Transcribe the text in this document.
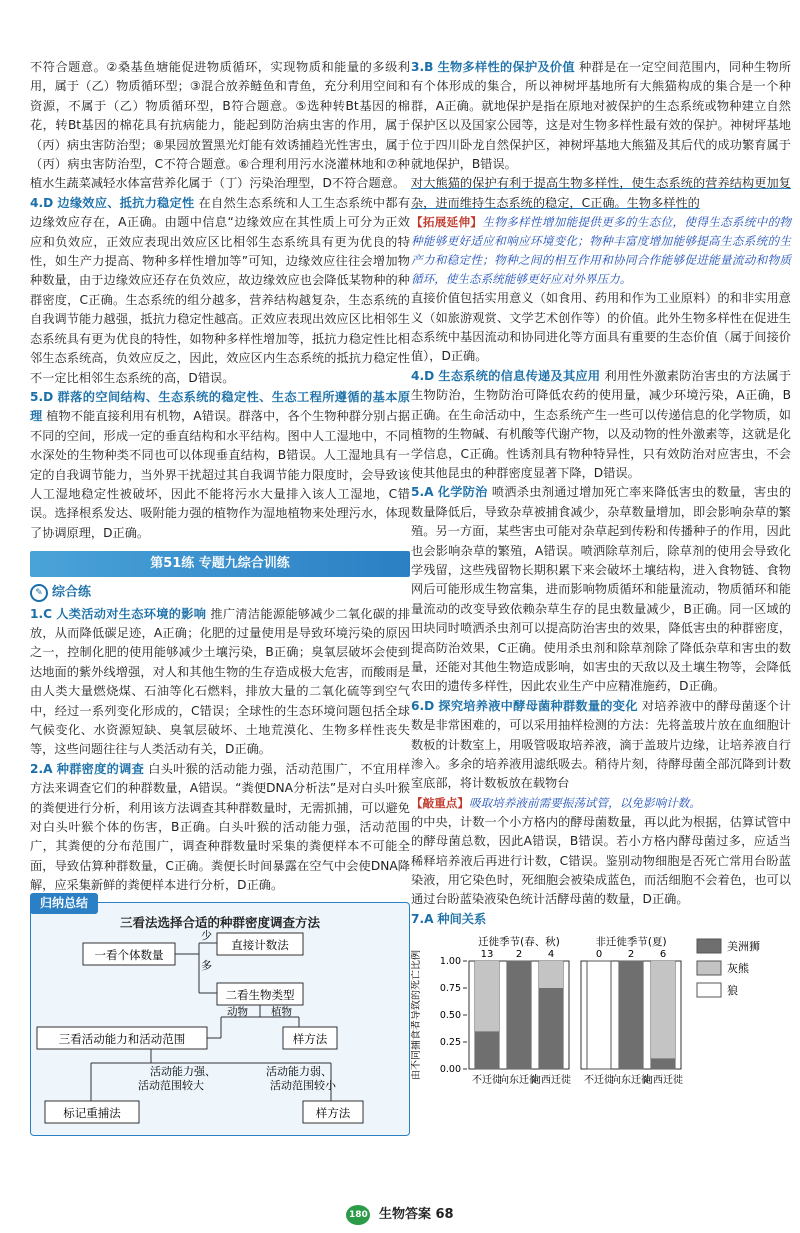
不符合题意。②桑基鱼塘能促进物质循环，实现物质和能量的多级利用，属于（乙）物质循环型；③混合放养鲢鱼和青鱼，充分利用空间和资源，不属于（乙）物质循环型，B符合题意。⑤选种转Bt基因的棉花，转Bt基因的棉花具有抗病能力，能起到防治病虫害的作用，属于（丙）病虫害防治型；⑧果园放置黑光灯能有效诱捕趋光性害虫，属于（丙）病虫害防治型，C不符合题意。⑥合理利用污水浇灌林地和⑦种植水生蔬菜减轻水体富营养化属于（丁）污染治理型，D不符合题意。

4.D 边缘效应、抵抗力稳定性 在自然生态系统和人工生态系统中都有边缘效应存在，A正确。由题中信息“边缘效应在其性质上可分为正效应和负效应，正效应表现出效应区比相邻生态系统具有更为优良的特性，如生产力提高、物种多样性增加等”可知，边缘效应往往会增加物种数量，由于边缘效应还存在负效应，故边缘效应也会降低某物种的种群密度，C正确。生态系统的组分越多，营养结构越复杂，生态系统的自我调节能力越强，抵抗力稳定性越高。正效应表现出效应区比相邻生态系统具有更为优良的特性，如物种多样性增加等，抵抗力稳定性比相邻生态系统高，负效应反之，因此，效应区内生态系统的抵抗力稳定性不一定比相邻生态系统的高，D错误。

5.D 群落的空间结构、生态系统的稳定性、生态工程所遵循的基本原理 植物不能直接利用有机物，A错误。群落中，各个生物种群分别占据不同的空间，形成一定的垂直结构和水平结构。图中人工湿地中，不同水深处的生物种类不同也可以体现垂直结构，B错误。人工湿地具有一定的自我调节能力，当外界干扰超过其自我调节能力限度时，会导致该人工湿地稳定性被破坏，因此不能将污水大量排入该人工湿地，C错误。选择根系发达、吸附能力强的植物作为湿地植物来处理污水，体现了协调原理，D正确。

第51练 专题九综合训练
✎ 综合练

1.C 人类活动对生态环境的影响 推广清洁能源能够减少二氧化碳的排放，从而降低碳足迹，A正确；化肥的过量使用是导致环境污染的原因之一，控制化肥的使用能够减少土壤污染，B正确；臭氧层破坏会使到达地面的紫外线增强，对人和其他生物的生存造成极大危害，而酸雨是由人类大量燃烧煤、石油等化石燃料，排放大量的二氧化硫等到空气中，经过一系列变化形成的，C错误；全球性的生态环境问题包括全球气候变化、水资源短缺、臭氧层破坏、土地荒漠化、生物多样性丧失等，这些问题往往与人类活动有关，D正确。

2.A 种群密度的调查 白头叶猴的活动能力强，活动范围广，不宜用样方法来调查它们的种群数量，A错误。“粪便DNA分析法”是对白头叶猴的粪便进行分析，利用该方法调查其种群数量时，无需抓捕，可以避免对白头叶猴个体的伤害，B正确。白头叶猴的活动能力强，活动范围广，其粪便的分布范围广，调查种群数量时采集的粪便样本不可能全面，导致估算种群数量，C正确。粪便长时间暴露在空气中会使DNA降解，应采集新鲜的粪便样本进行分析，D正确。

归纳总结
三看法选择合适的种群密度调查方法
一看个体数量
少
多
直接计数法
二看生物类型
动物 植物
样方法
三看活动能力和活动范围
活动能力强、
活动范围较大
活动能力弱、
活动范围较小
标记重捕法	样方法

3.B 生物多样性的保护及价值 种群是在一定空间范围内，同种生物所有个体形成的集合，所以神树坪基地所有大熊猫构成的集合是一个种群，A正确。就地保护是指在原地对被保护的生态系统或物种建立自然保护区以及国家公园等，这是对生物多样性最有效的保护。神树坪基地位于四川卧龙自然保护区，神树坪基地大熊猫及其后代的成功繁育属于就地保护，B错误。

对大熊猫的保护有利于提高生物多样性，使生态系统的营养结构更加复杂，进而维持生态系统的稳定，C正确。生物多样性的

【拓展延伸】生物多样性增加能提供更多的生态位，使得生态系统中的物种能够更好适应和响应环境变化；物种丰富度增加能够提高生态系统的生产力和稳定性；物种之间的相互作用和协同合作能够促进能量流动和物质循环，使生态系统能够更好应对外界压力。

直接价值包括实用意义（如食用、药用和作为工业原料）的和非实用意义（如旅游观赏、文学艺术创作等）的价值。此外生物多样性在促进生态系统中基因流动和协同进化等方面具有重要的生态价值（属于间接价值），D正确。

4.D 生态系统的信息传递及其应用 利用性外激素防治害虫的方法属于生物防治，生物防治可降低农药的使用量，减少环境污染，A正确，B正确。在生命活动中，生态系统产生一些可以传递信息的化学物质，如植物的生物碱、有机酸等代谢产物，以及动物的性外激素等，这就是化学信息，C正确。性诱剂具有物种特异性，只有效防治对应害虫，不会使其他昆虫的种群密度显著下降，D错误。

5.A 化学防治 喷洒杀虫剂通过增加死亡率来降低害虫的数量，害虫的数量降低后，导致杂草被捕食减少，杂草数量增加，即会影响杂草的繁殖。另一方面，某些害虫可能对杂草起到传粉和传播种子的作用，因此也会影响杂草的繁殖，A错误。喷洒除草剂后，除草剂的使用会导致化学残留，这些残留物长期积累下来会破坏土壤结构，进入食物链、食物网后可能形成生物富集，进而影响物质循环和能量流动，物质循环和能量流动的改变导致依赖杂草生存的昆虫数量减少，B正确。同一区域的田块同时喷洒杀虫剂可以提高防治害虫的效果，降低害虫的种群密度，提高防治效果，C正确。使用杀虫剂和除草剂除了降低杂草和害虫的数量，还能对其他生物造成影响，如害虫的天敌以及土壤生物等，会降低农田的遗传多样性，因此农业生产中应精准施药，D正确。

6.D 探究培养液中酵母菌种群数量的变化 对培养液中的酵母菌逐个计数是非常困难的，可以采用抽样检测的方法：先将盖玻片放在血细胞计数板的计数室上，用吸管吸取培养液，滴于盖玻片边缘，让培养液自行渗入。多余的培养液用滤纸吸去。稍待片刻，待酵母菌全部沉降到计数室底部，将计数板放在载物台

【敲重点】吸取培养液前需要振荡试管，以免影响计数。

的中央，计数一个小方格内的酵母菌数量，再以此为根据，估算试管中的酵母菌总数，因此A错误，B错误。若小方格内酵母菌过多，应适当稀释培养液后再进行计数，C错误。鉴别动物细胞是否死亡常用台盼蓝染液，用它染色时，死细胞会被染成蓝色，而活细胞不会着色，也可以通过台盼蓝染液染色统计活酵母菌的数量，D正确。

7.A 种间关系

由不同捕食者导致的死亡比例 0.00
0.25
0.50
0.75
1.00
迁徙季节(春、秋)
13
不迁徙
2
向东迁徙
4
向西迁徙
非迁徙季节(夏)
0
不迁徙
2
向东迁徙
6
向西迁徙
美洲狮
灰熊
狼
180 生物答案 68
